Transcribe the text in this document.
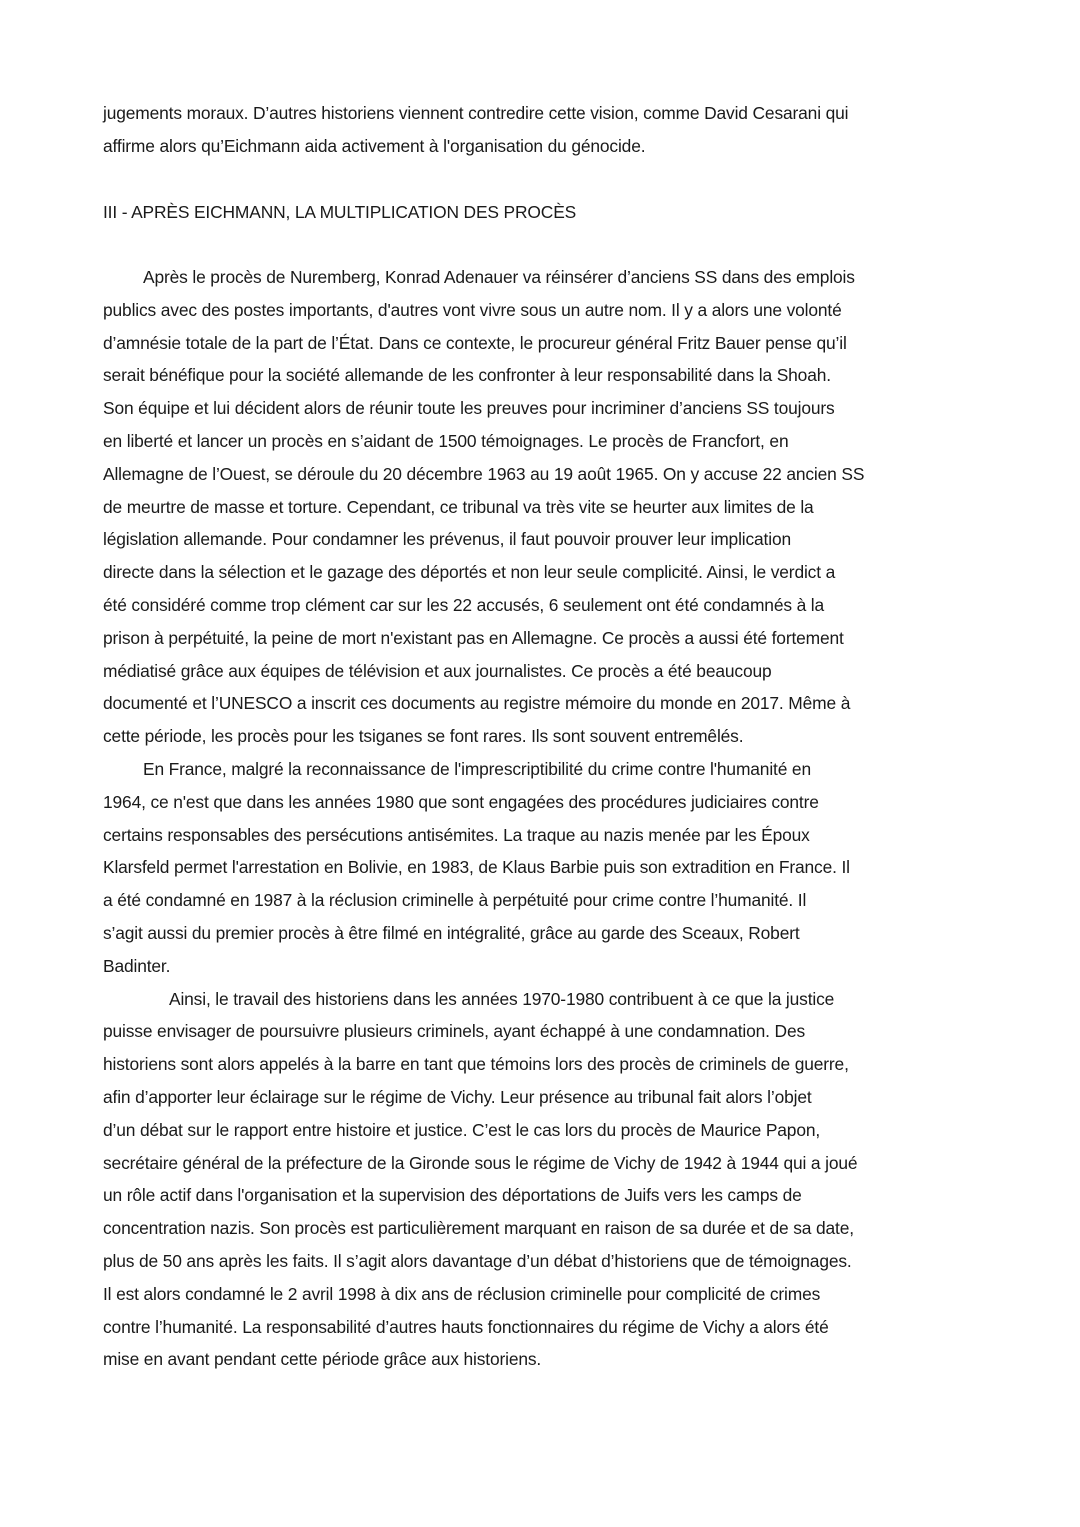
jugements moraux. D’autres historiens viennent contredire cette vision, comme David Cesarani qui
affirme alors qu’Eichmann aida activement à l'organisation du génocide.
III - APRÈS EICHMANN, LA MULTIPLICATION DES PROCÈS
Après le procès de Nuremberg, Konrad Adenauer va réinsérer d’anciens SS dans des emplois
publics avec des postes importants, d'autres vont vivre sous un autre nom. Il y a alors une volonté
d’amnésie totale de la part de l’État. Dans ce contexte, le procureur général Fritz Bauer pense qu’il
serait bénéfique pour la société allemande de les confronter à leur responsabilité dans la Shoah.
Son équipe et lui décident alors de réunir toute les preuves pour incriminer d’anciens SS toujours
en liberté et lancer un procès en s’aidant de 1500 témoignages. Le procès de Francfort, en
Allemagne de l’Ouest, se déroule du 20 décembre 1963 au 19 août 1965. On y accuse 22 ancien SS
de meurtre de masse et torture. Cependant, ce tribunal va très vite se heurter aux limites de la
législation allemande. Pour condamner les prévenus, il faut pouvoir prouver leur implication
directe dans la sélection et le gazage des déportés et non leur seule complicité. Ainsi, le verdict a
été considéré comme trop clément car sur les 22 accusés, 6 seulement ont été condamnés à la
prison à perpétuité, la peine de mort n'existant pas en Allemagne. Ce procès a aussi été fortement
médiatisé grâce aux équipes de télévision et aux journalistes. Ce procès a été beaucoup
documenté et l’UNESCO a inscrit ces documents au registre mémoire du monde en 2017. Même à
cette période, les procès pour les tsiganes se font rares. Ils sont souvent entremêlés.
En France, malgré la reconnaissance de l'imprescriptibilité du crime contre l'humanité en
1964, ce n'est que dans les années 1980 que sont engagées des procédures judiciaires contre
certains responsables des persécutions antisémites. La traque au nazis menée par les Époux
Klarsfeld permet l'arrestation en Bolivie, en 1983, de Klaus Barbie puis son extradition en France. Il
a été condamné en 1987 à la réclusion criminelle à perpétuité pour crime contre l’humanité. Il
s’agit aussi du premier procès à être filmé en intégralité, grâce au garde des Sceaux, Robert
Badinter.
Ainsi, le travail des historiens dans les années 1970-1980 contribuent à ce que la justice
puisse envisager de poursuivre plusieurs criminels, ayant échappé à une condamnation. Des
historiens sont alors appelés à la barre en tant que témoins lors des procès de criminels de guerre,
afin d’apporter leur éclairage sur le régime de Vichy. Leur présence au tribunal fait alors l’objet
d’un débat sur le rapport entre histoire et justice. C’est le cas lors du procès de Maurice Papon,
secrétaire général de la préfecture de la Gironde sous le régime de Vichy de 1942 à 1944 qui a joué
un rôle actif dans l'organisation et la supervision des déportations de Juifs vers les camps de
concentration nazis. Son procès est particulièrement marquant en raison de sa durée et de sa date,
plus de 50 ans après les faits. Il s’agit alors davantage d’un débat d’historiens que de témoignages.
Il est alors condamné le 2 avril 1998 à dix ans de réclusion criminelle pour complicité de crimes
contre l’humanité. La responsabilité d’autres hauts fonctionnaires du régime de Vichy a alors été
mise en avant pendant cette période grâce aux historiens.
